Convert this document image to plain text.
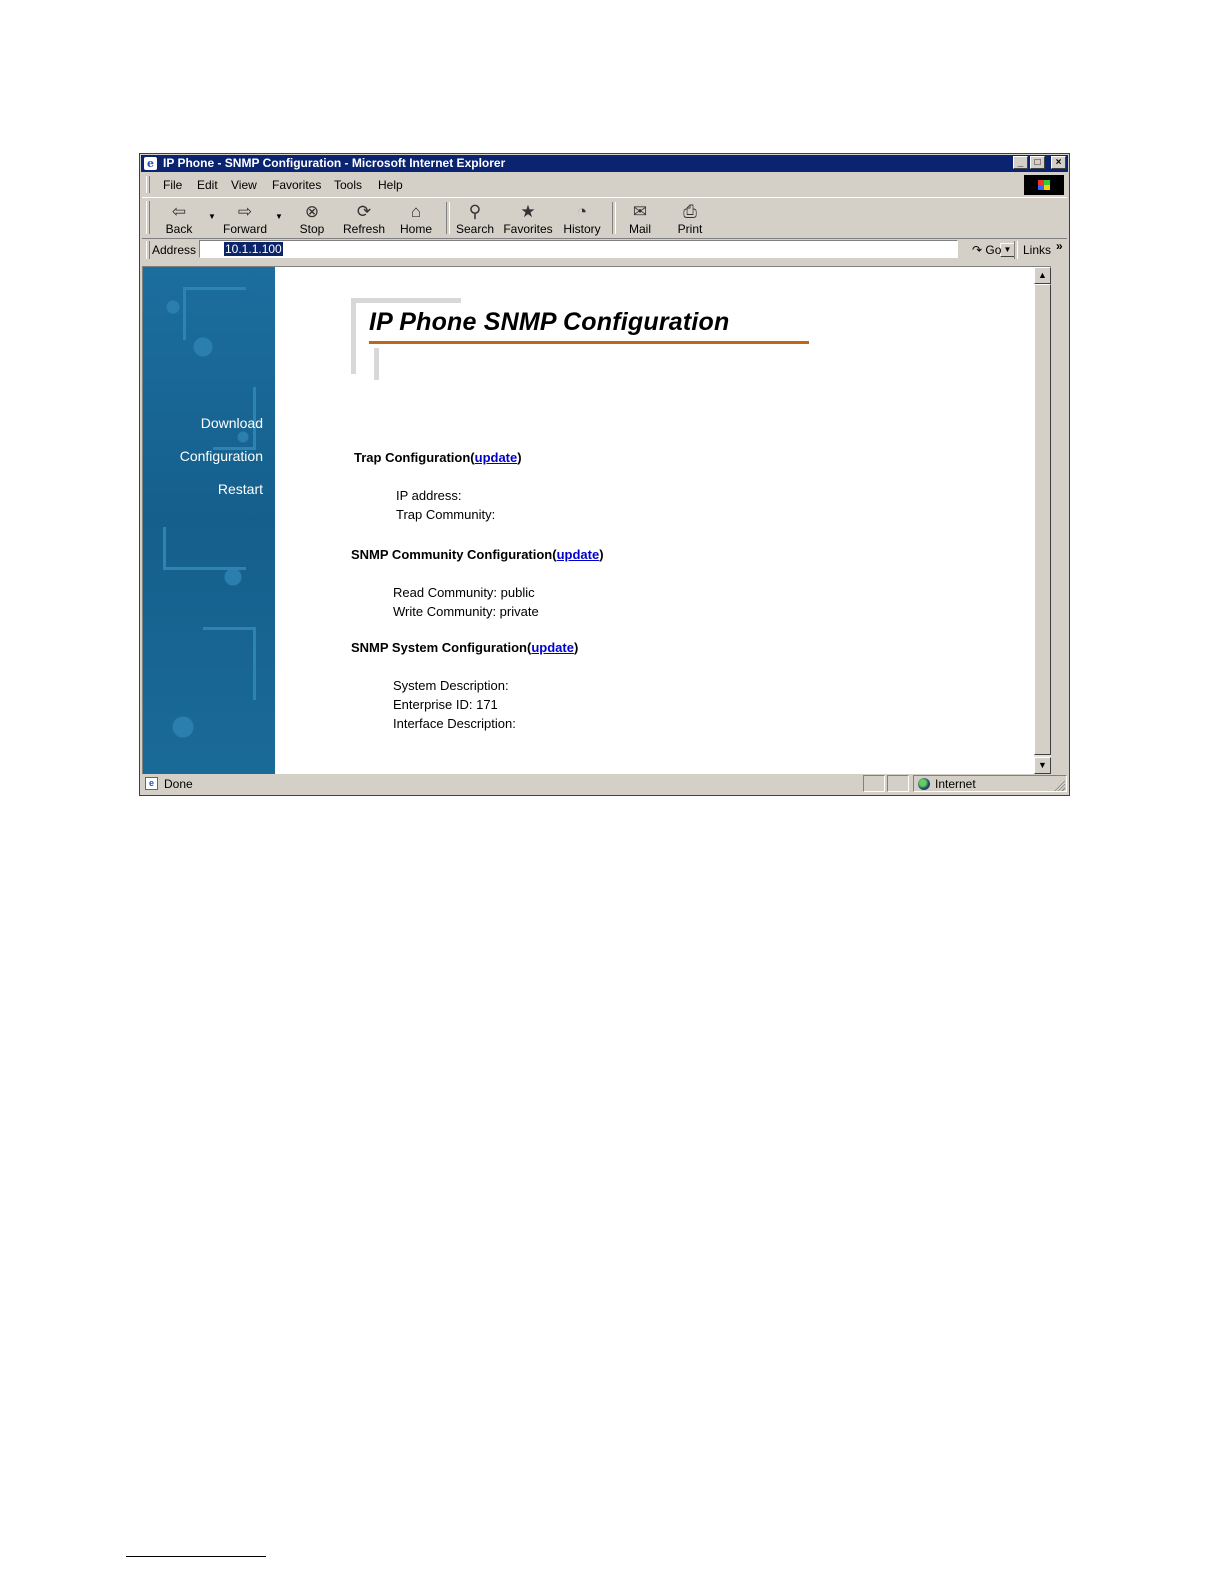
e IP Phone - SNMP Configuration - Microsoft Internet Explorer	_	□	×
File Edit View Favorites Tools Help
⇦
Back
▼	⇨
Forward
▼	⊗
Stop
⟳
Refresh
⌂
Home
⚲
Search
★
Favorites
◔
History
✉
Mail
⎙
Print
Address 10.1.1.100	▼
↷ Go Links »
Download
Configuration
Restart
IP Phone SNMP Configuration
Trap Configuration(update)
IP address:
Trap Community:
SNMP Community Configuration(update)
Read Community: public
Write Community: private
SNMP System Configuration(update)
System Description:
Enterprise ID: 171
Interface Description:
▲
▼
e Done	Internet
